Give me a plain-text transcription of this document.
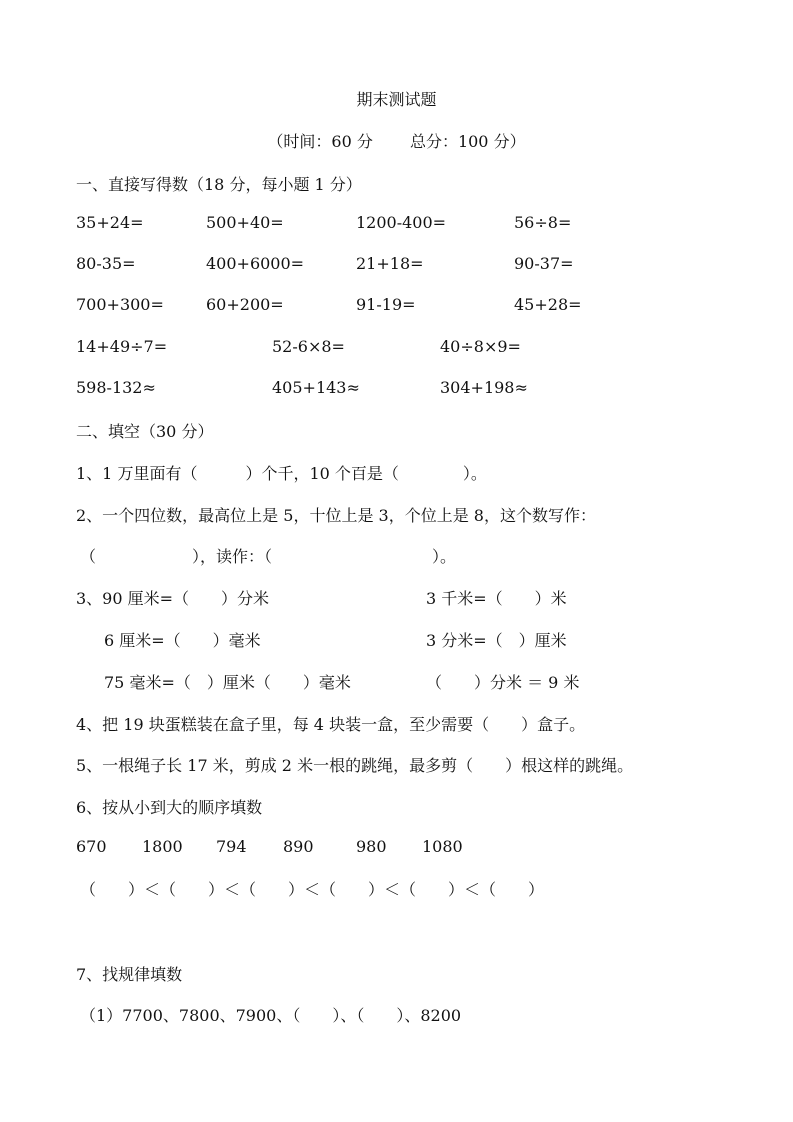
期末测试题
（时间：60 分 　　总分：100 分）
一、直接写得数（18 分，每小题 1 分）
35+24=	500+40=	1200-400=	56÷8=
80-35=	400+6000=	21+18=	90-37=
700+300=	60+200=	91-19=	45+28=
14+49÷7=	52-6×8=	40÷8×9=
598-132≈	405+143≈	304+198≈
二、填空（30 分）
1、1 万里面有（　　　）个千，10 个百是（　　　　）。
2、一个四位数，最高位上是 5，十位上是 3，个位上是 8，这个数写作：
（　　　　　　），读作：（　　　　　　　　　　）。
3、90 厘米=（　　）分米	3 千米=（　　）米
6 厘米=（　　）毫米	3 分米=（　）厘米
75 毫米=（　）厘米（　　）毫米	（　　）分米 ＝ 9 米
4、把 19 块蛋糕装在盒子里，每 4 块装一盒，至少需要（　　）盒子。
5、一根绳子长 17 米，剪成 2 米一根的跳绳，最多剪（　　）根这样的跳绳。
6、按从小到大的顺序填数
670 1800 794 890	980 1080
（　　）＜（　　）＜（　　）＜（　　）＜（　　）＜（　　）
7、找规律填数
（1）7700、7800、7900、（　　）、（　　）、8200
